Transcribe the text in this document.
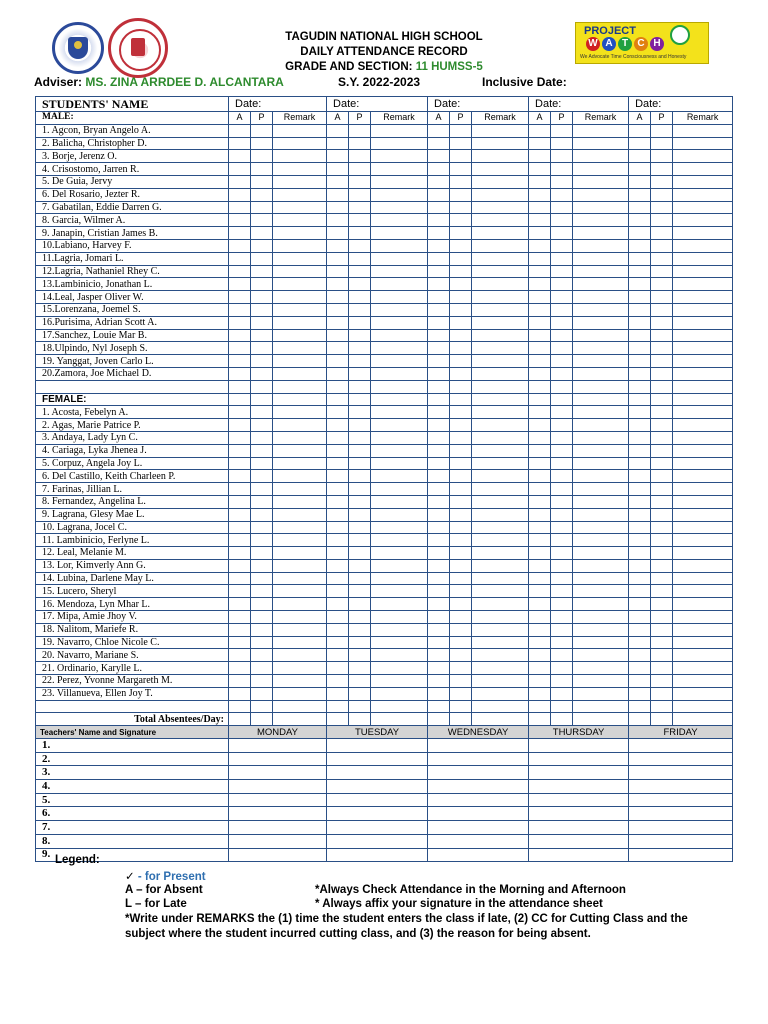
PROJECT
W A T C H
We Advocate Time Consciousness and Honesty
TAGUDIN NATIONAL HIGH SCHOOL
DAILY ATTENDANCE RECORD
GRADE AND SECTION: 11 HUMSS-5
Adviser: MS. ZINA ARRDEE D. ALCANTARA	S.Y. 2022-2023	Inclusive Date:
STUDENTS' NAME	Date:			Date:			Date:			Date:			Date:		
MALE:	A	P	Remark	A	P	Remark	A	P	Remark	A	P	Remark	A	P	Remark
1. Agcon, Bryan Angelo A.															
2. Balicha, Christopher D.															
3. Borje, Jerenz O.															
4. Crisostomo, Jarren R.															
5. De Guia, Jervy															
6. Del Rosario, Jezter R.															
7. Gabatilan, Eddie Darren G.															
8. Garcia, Wilmer A.															
9. Janapin, Cristian James B.															
10.Labiano, Harvey F.															
11.Lagria, Jomari L.															
12.Lagria, Nathaniel Rhey C.															
13.Lambinicio, Jonathan L.															
14.Leal, Jasper Oliver W.															
15.Lorenzana, Joemel S.															
16.Purisima, Adrian Scott A.															
17.Sanchez, Louie Mar B.															
18.Ulpindo, Nyl Joseph S.															
19. Yanggat, Joven Carlo L.															
20.Zamora, Joe Michael D.															

FEMALE:															
1. Acosta, Febelyn A.															
2. Agas, Marie Patrice P.															
3. Andaya, Lady Lyn C.															
4. Cariaga, Lyka Jhenea J.															
5. Corpuz, Angela Joy L.															
6. Del Castillo, Keith Charleen P.															
7. Farinas, Jillian L.															
8. Fernandez, Angelina L.															
9. Lagrana, Glesy Mae L.															
10. Lagrana, Jocel C.															
11. Lambinicio, Ferlyne L.															
12. Leal, Melanie M.															
13. Lor, Kimverly Ann G.															
14. Lubina, Darlene May L.															
15. Lucero, Sheryl															
16. Mendoza, Lyn Mhar L.															
17. Mipa, Amie Jhoy V.															
18. Nalitom, Mariefe R.															
19. Navarro, Chloe Nicole C.															
20. Navarro, Mariane S.															
21. Ordinario, Karylle L.															
22. Perez, Yvonne Margareth M.															
23. Villanueva, Ellen Joy T.															

Total Absentees/Day:															
Teachers' Name and Signature	MONDAY			TUESDAY			WEDNESDAY			THURSDAY			FRIDAY		
1.															
2.															
3.															
4.															
5.															
6.															
7.															
8.															
9.															Legend:
✓ - for Present
A – for Absent
L – for Late
*Always Check Attendance in the Morning and Afternoon
* Always affix your signature in the attendance sheet
*Write under REMARKS the (1) time the student enters the class if late, (2) CC for Cutting Class and the
subject where the student incurred cutting class, and (3) the reason for being absent.
